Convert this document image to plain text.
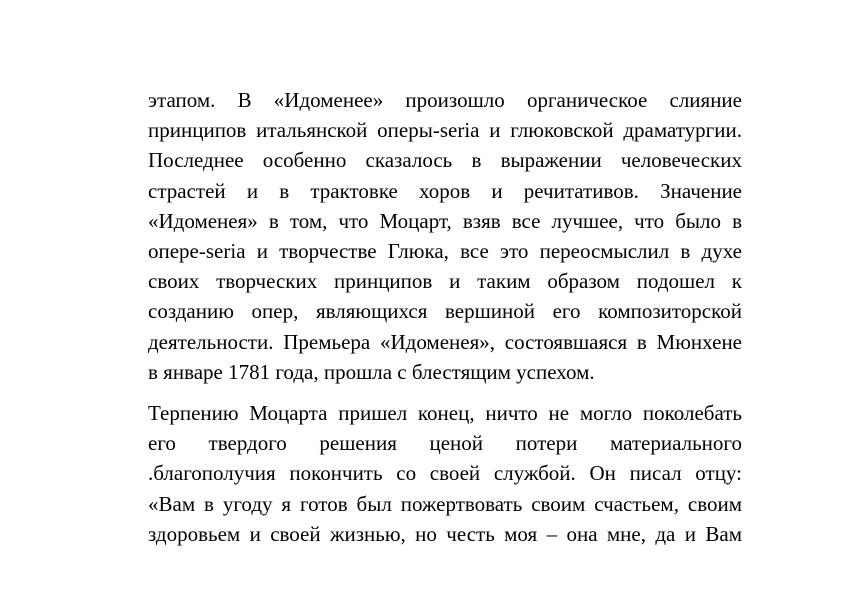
этапом. В «Идоменее» произошло органическое слияние
принципов итальянской оперы-seria и глюковской драматургии.
Последнее особенно сказалось в выражении человеческих
страстей и в трактовке хоров и речитативов. Значение
«Идоменея» в том, что Моцарт, взяв все лучшее, что было в
опере-seria и творчестве Глюка, все это переосмыслил в духе
своих творческих принципов и таким образом подошел к
созданию опер, являющихся вершиной его композиторской
деятельности. Премьера «Идоменея», состоявшаяся в Мюнхене
в январе 1781 года, прошла с блестящим успехом.
Терпению Моцарта пришел конец, ничто не могло поколебать
его твердого решения ценой потери материального
.благополучия покончить со своей службой. Он писал отцу:
«Вам в угоду я готов был пожертвовать своим счастьем, своим
здоровьем и своей жизнью, но честь моя – она мне, да и Вам
